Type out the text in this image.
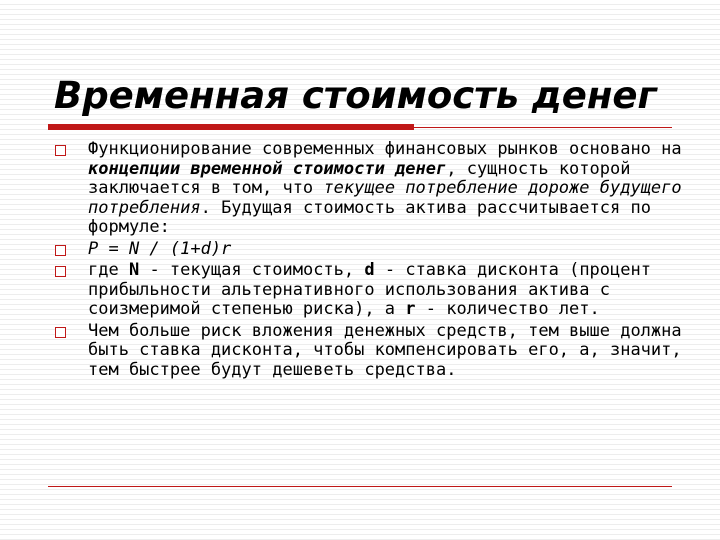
Временная стоимость денег
Функционирование современных финансовых рынков основано на концепции временной стоимости денег, сущность которой заключается в том, что текущее потребление дороже будущего потребления. Будущая стоимость актива рассчитывается по формуле:
P = N / (1+d)r
где N - текущая стоимость, d - ставка дисконта (процент прибыльности альтернативного использования актива с соизмеримой степенью риска), а r - количество лет.
Чем больше риск вложения денежных средств, тем выше должна быть ставка дисконта, чтобы компенсировать его, а, значит, тем быстрее будут дешеветь средства.
